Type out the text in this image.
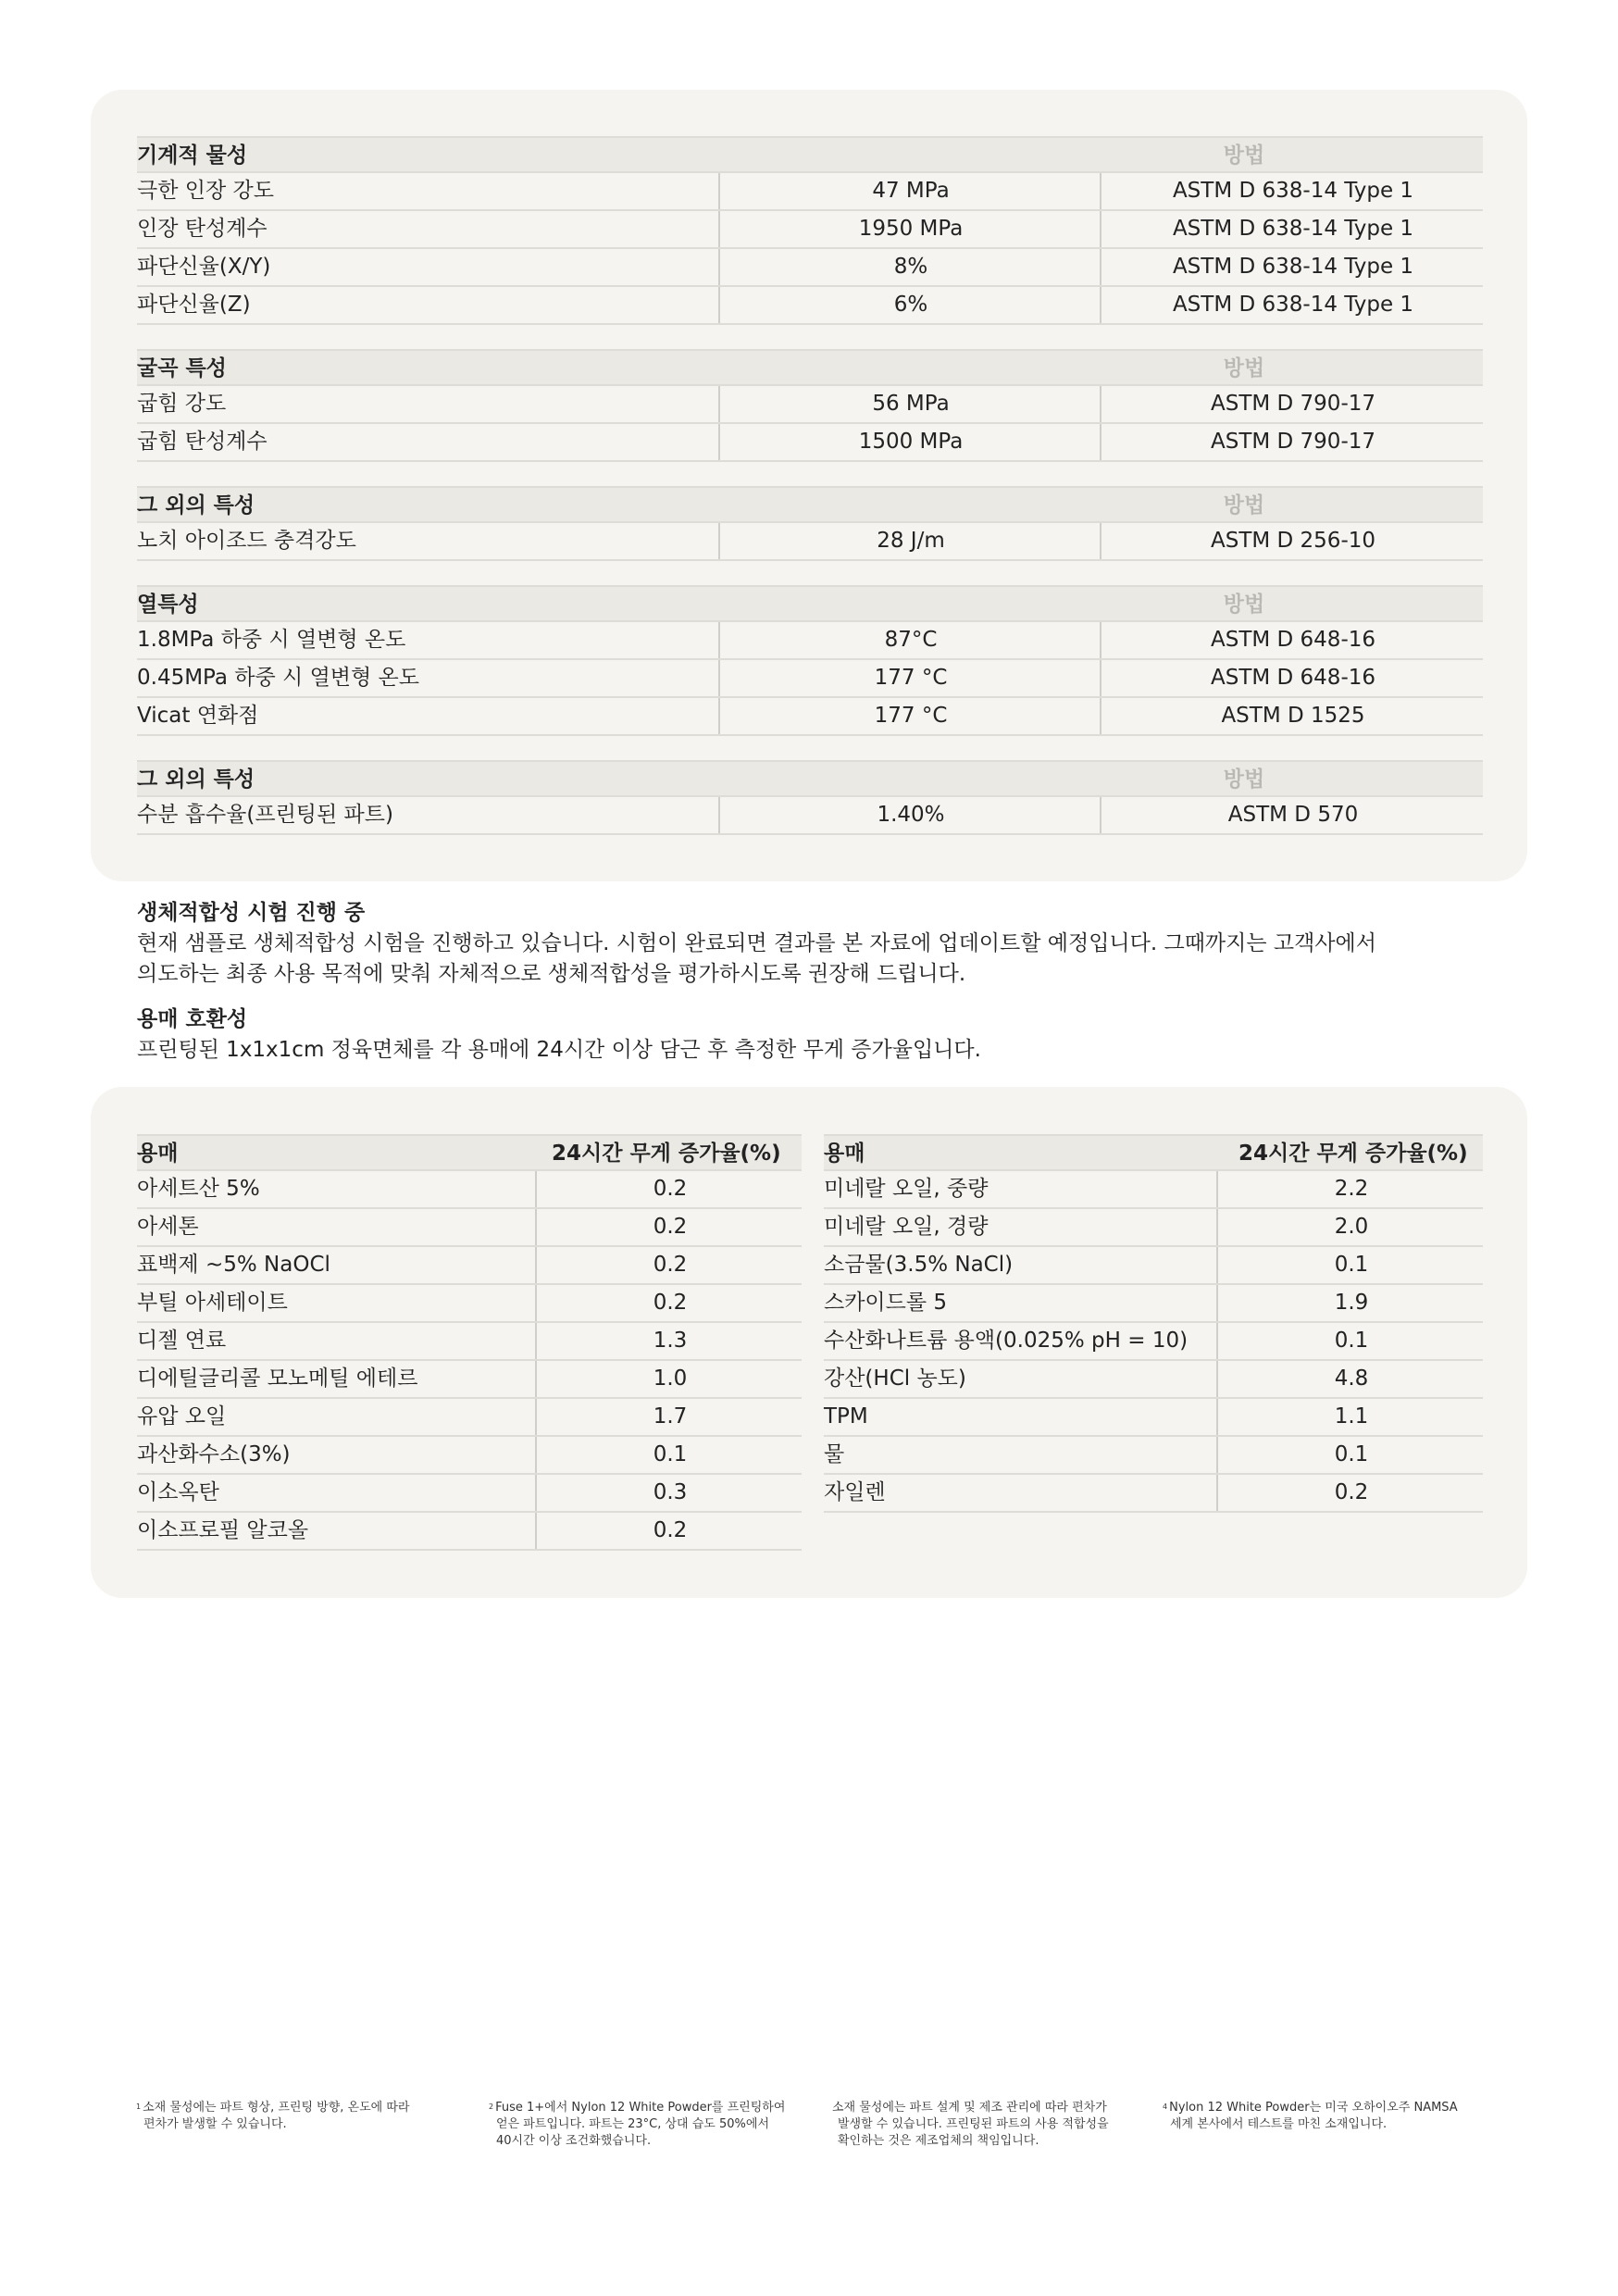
기계적 물성	방법
극한 인장 강도	47 MPa	ASTM D 638-14 Type 1
인장 탄성계수	1950 MPa	ASTM D 638-14 Type 1
파단신율(X/Y)	8%	ASTM D 638-14 Type 1
파단신율(Z)	6%	ASTM D 638-14 Type 1
굴곡 특성	방법
굽힘 강도	56 MPa	ASTM D 790-17
굽힘 탄성계수	1500 MPa	ASTM D 790-17
그 외의 특성	방법
노치 아이조드 충격강도	28 J/m	ASTM D 256-10
열특성	방법
1.8MPa 하중 시 열변형 온도	87°C	ASTM D 648-16
0.45MPa 하중 시 열변형 온도	177 °C	ASTM D 648-16
Vicat 연화점	177 °C	ASTM D 1525
그 외의 특성	방법
수분 흡수율(프린팅된 파트)	1.40%	ASTM D 570
생체적합성 시험 진행 중
현재 샘플로 생체적합성 시험을 진행하고 있습니다. 시험이 완료되면 결과를 본 자료에 업데이트할 예정입니다. 그때까지는 고객사에서
의도하는 최종 사용 목적에 맞춰 자체적으로 생체적합성을 평가하시도록 권장해 드립니다.
용매 호환성
프린팅된 1x1x1cm 정육면체를 각 용매에 24시간 이상 담근 후 측정한 무게 증가율입니다.
용매	24시간 무게 증가율(%)
아세트산 5%	0.2
아세톤	0.2
표백제 ~5% NaOCl	0.2
부틸 아세테이트	0.2
디젤 연료	1.3
디에틸글리콜 모노메틸 에테르	1.0
유압 오일	1.7
과산화수소(3%)	0.1
이소옥탄	0.3
이소프로필 알코올	0.2
용매	24시간 무게 증가율(%)
미네랄 오일, 중량	2.2
미네랄 오일, 경량	2.0
소금물(3.5% NaCl)	0.1
스카이드롤 5	1.9
수산화나트륨 용액(0.025% pH = 10)	0.1
강산(HCl 농도)	4.8
TPM	1.1
물	0.1
자일렌	0.2
$^1$ 소재 물성에는 파트 형상, 프린팅 방향, 온도에 따라
편차가 발생할 수 있습니다.
$^2$ Fuse 1+에서 Nylon 12 White Powder를 프린팅하여
얻은 파트입니다. 파트는 23°C, 상대 습도 50%에서
40시간 이상 조건화했습니다.
소재 물성에는 파트 설계 및 제조 관리에 따라 편차가
발생할 수 있습니다. 프린팅된 파트의 사용 적합성을
확인하는 것은 제조업체의 책임입니다.
$^4$ Nylon 12 White Powder는 미국 오하이오주 NAMSA
세계 본사에서 테스트를 마친 소재입니다.
